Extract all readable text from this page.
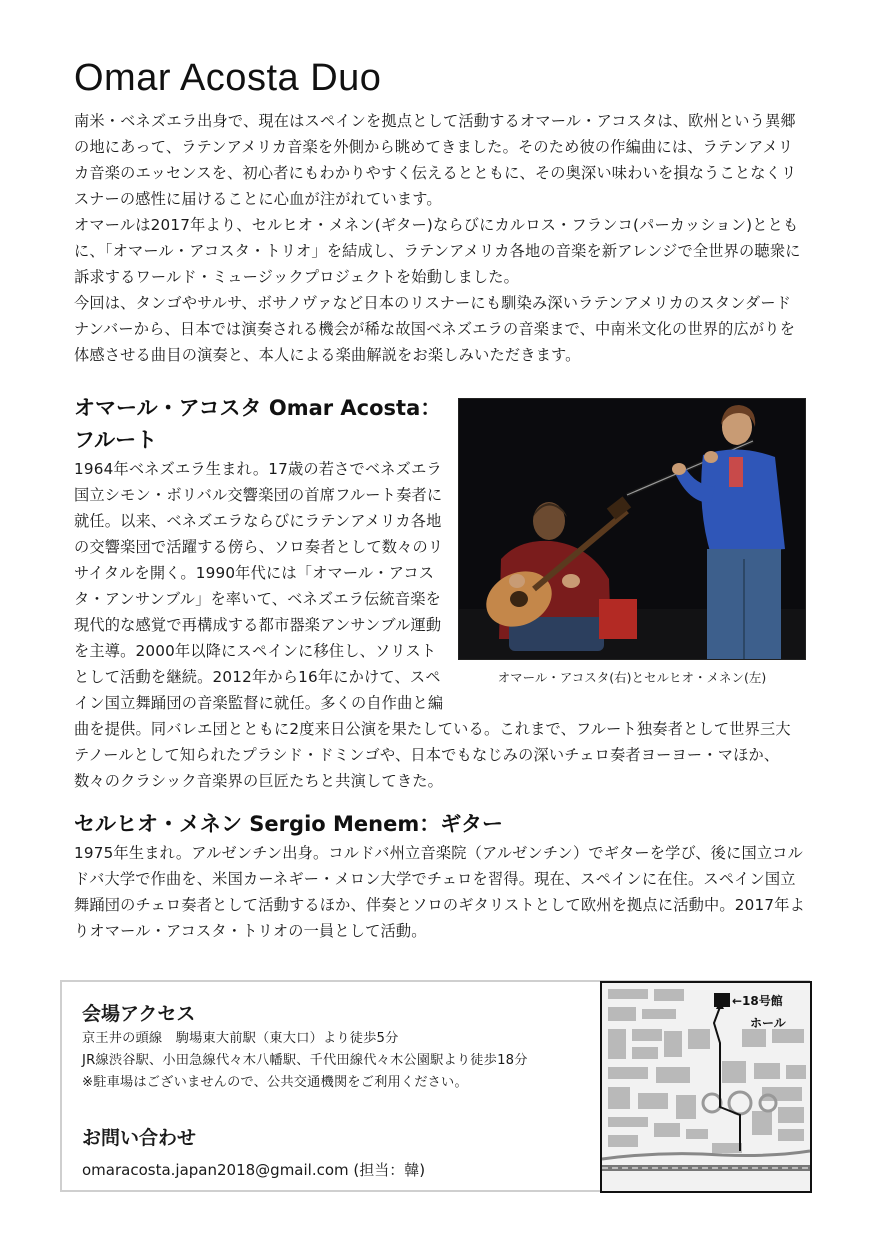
Omar Acosta Duo

南米・ベネズエラ出身で、現在はスペインを拠点として活動するオマール・アコスタは、欧州という異郷の地にあって、ラテンアメリカ音楽を外側から眺めてきました。そのため彼の作編曲には、ラテンアメリカ音楽のエッセンスを、初心者にもわかりやすく伝えるとともに、その奥深い味わいを損なうことなくリスナーの感性に届けることに心血が注がれています。

オマールは2017年より、セルヒオ・メネン(ギター)ならびにカルロス・フランコ(パーカッション)とともに、「オマール・アコスタ・トリオ」を結成し、ラテンアメリカ各地の音楽を新アレンジで全世界の聴衆に訴求するワールド・ミュージックプロジェクトを始動しました。

今回は、タンゴやサルサ、ボサノヴァなど日本のリスナーにも馴染み深いラテンアメリカのスタンダードナンバーから、日本では演奏される機会が稀な故国ベネズエラの音楽まで、中南米文化の世界的広がりを体感させる曲目の演奏と、本人による楽曲解説をお楽しみいただきます。

オマール・アコスタ(右)とセルヒオ・メネン(左)
オマール・アコスタ Omar Acosta：フルート

1964年ベネズエラ生まれ。17歳の若さでベネズエラ国立シモン・ボリバル交響楽団の首席フルート奏者に就任。以来、ベネズエラならびにラテンアメリカ各地の交響楽団で活躍する傍ら、ソロ奏者として数々のリサイタルを開く。1990年代には「オマール・アコスタ・アンサンブル」を率いて、ベネズエラ伝統音楽を現代的な感覚で再構成する都市器楽アンサンブル運動を主導。2000年以降にスペインに移住し、ソリストとして活動を継続。2012年から16年にかけて、スペイン国立舞踊団の音楽監督に就任。多くの自作曲と編曲を提供。同バレエ団とともに2度来日公演を果たしている。これまで、フルート独奏者として世界三大テノールとして知られたプラシド・ドミンゴや、日本でもなじみの深いチェロ奏者ヨーヨー・マほか、数々のクラシック音楽界の巨匠たちと共演してきた。

セルヒオ・メネン Sergio Menem：ギター

1975年生まれ。アルゼンチン出身。コルドバ州立音楽院（アルゼンチン）でギターを学び、後に国立コルドバ大学で作曲を、米国カーネギー・メロン大学でチェロを習得。現在、スペインに在住。スペイン国立舞踊団のチェロ奏者として活動するほか、伴奏とソロのギタリストとして欧州を拠点に活動中。2017年よりオマール・アコスタ・トリオの一員として活動。

会場アクセス

京王井の頭線　駒場東大前駅（東大口）より徒歩5分

JR線渋谷駅、小田急線代々木八幡駅、千代田線代々木公園駅より徒歩18分

※駐車場はございませんので、公共交通機関をご利用ください。

お問い合わせ
omaracosta.japan2018@gmail.com (担当：韓)
←18号館
ホール
